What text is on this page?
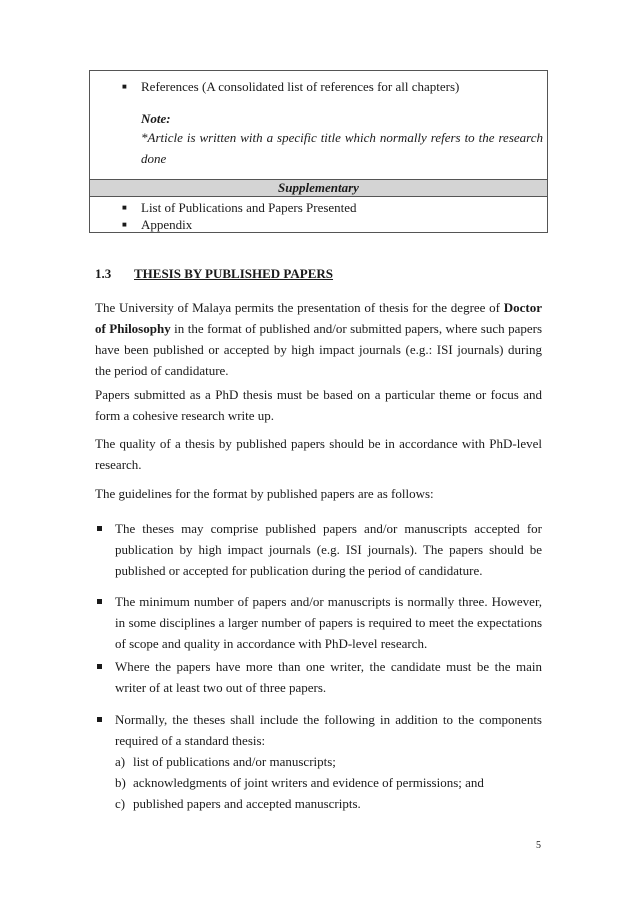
■ References (A consolidated list of references for all chapters)
Note:
*Article is written with a specific title which normally refers to the research done
Supplementary
■ List of Publications and Papers Presented
■ Appendix
1.3 THESIS BY PUBLISHED PAPERS
The University of Malaya permits the presentation of thesis for the degree of Doctor of Philosophy in the format of published and/or submitted papers, where such papers have been published or accepted by high impact journals (e.g.: ISI journals) during the period of candidature.
Papers submitted as a PhD thesis must be based on a particular theme or focus and form a cohesive research write up.
The quality of a thesis by published papers should be in accordance with PhD-level research.
The guidelines for the format by published papers are as follows:
The theses may comprise published papers and/or manuscripts accepted for publication by high impact journals (e.g. ISI journals). The papers should be published or accepted for publication during the period of candidature.
The minimum number of papers and/or manuscripts is normally three. However, in some disciplines a larger number of papers is required to meet the expectations of scope and quality in accordance with PhD-level research.
Where the papers have more than one writer, the candidate must be the main writer of at least two out of three papers.
Normally, the theses shall include the following in addition to the components required of a standard thesis:
a) list of publications and/or manuscripts;
b) acknowledgments of joint writers and evidence of permissions; and
c) published papers and accepted manuscripts.
5
